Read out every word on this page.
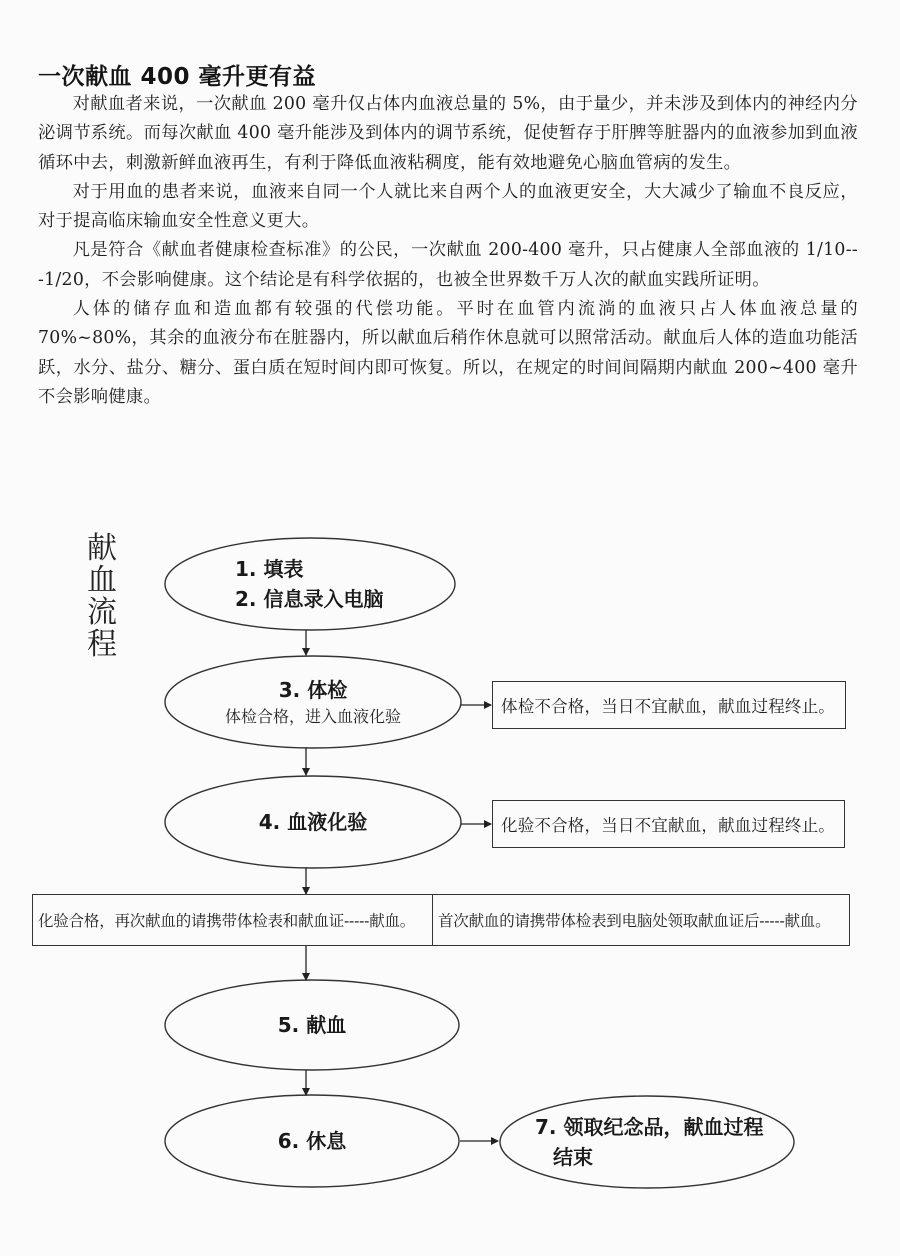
一次献血 400 毫升更有益

对献血者来说，一次献血 200 毫升仅占体内血液总量的 5%，由于量少，并未涉及到体内的神经内分泌调节系统。而每次献血 400 毫升能涉及到体内的调节系统，促使暂存于肝脾等脏器内的血液参加到血液循环中去，刺激新鲜血液再生，有利于降低血液粘稠度，能有效地避免心脑血管病的发生。

对于用血的患者来说，血液来自同一个人就比来自两个人的血液更安全，大大减少了输血不良反应，对于提高临床输血安全性意义更大。

凡是符合《献血者健康检查标准》的公民，一次献血 200-400 毫升，只占健康人全部血液的 1/10---1/20，不会影响健康。这个结论是有科学依据的，也被全世界数千万人次的献血实践所证明。

人体的储存血和造血都有较强的代偿功能。平时在血管内流淌的血液只占人体血液总量的 70%~80%，其余的血液分布在脏器内，所以献血后稍作休息就可以照常活动。献血后人体的造血功能活跃，水分、盐分、糖分、蛋白质在短时间内即可恢复。所以，在规定的时间间隔期内献血 200~400 毫升不会影响健康。

献
血
流
程
1. 填表
2. 信息录入电脑
3. 体检
体检合格，进入血液化验
4. 血液化验
5. 献血
6. 休息
7. 领取纪念品，献血过程
结束
体检不合格，当日不宜献血，献血过程终止。
化验不合格，当日不宜献血，献血过程终止。
化验合格，再次献血的请携带体检表和献血证-----献血。	首次献血的请携带体检表到电脑处领取献血证后-----献血。
